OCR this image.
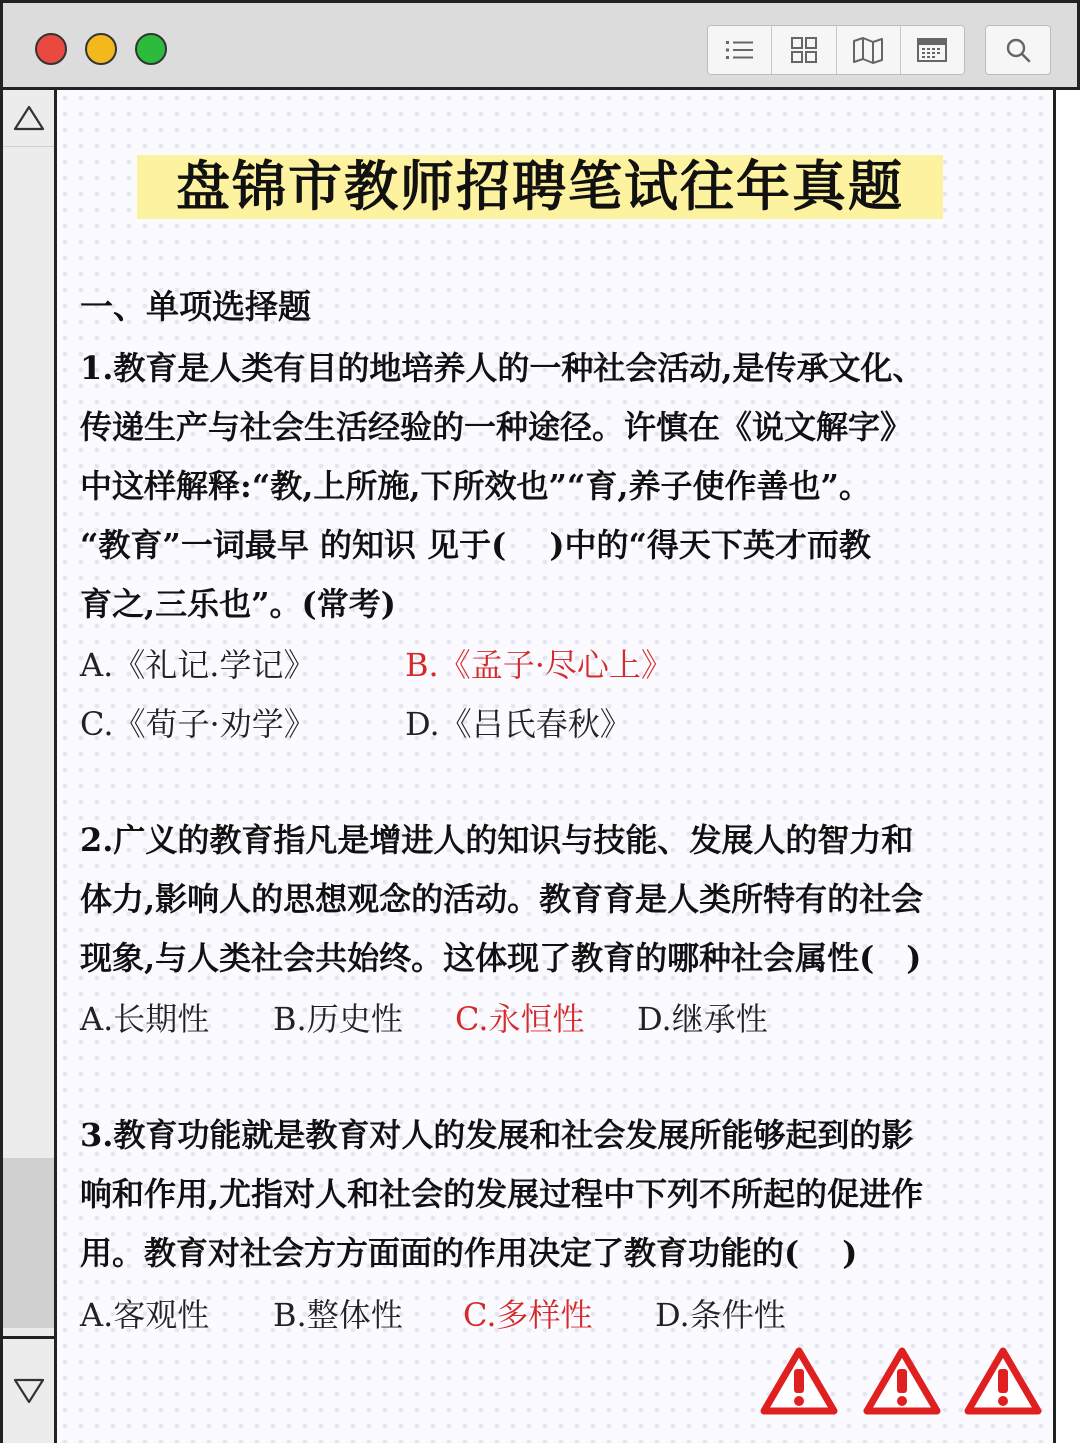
盘锦市教师招聘笔试往年真题
一、单项选择题
1.教育是人类有目的地培养人的一种社会活动,是传承文化、
传递生产与社会生活经验的一种途径。许慎在《说文解字》
中这样解释:“教,上所施,下所效也”“育,养子使作善也”。
“教育”一词最早 的知识 见于(　 )中的“得天下英才而教
育之,三乐也”。(常考)
A.《礼记.学记》	B.《孟子·尽心上》
C.《荀子·劝学》	D.《吕氏春秋》
2.广义的教育指凡是增进人的知识与技能、发展人的智力和
体力,影响人的思想观念的活动。教育育是人类所特有的社会
现象,与人类社会共始终。这体现了教育的哪种社会属性(　)
A.长期性 B.历史性 C.永恒性 D.继承性
3.教育功能就是教育对人的发展和社会发展所能够起到的影
响和作用,尤指对人和社会的发展过程中下列不所起的促进作
用。教育对社会方方面面的作用决定了教育功能的(　 )
A.客观性 B.整体性 C.多样性 D.条件性
